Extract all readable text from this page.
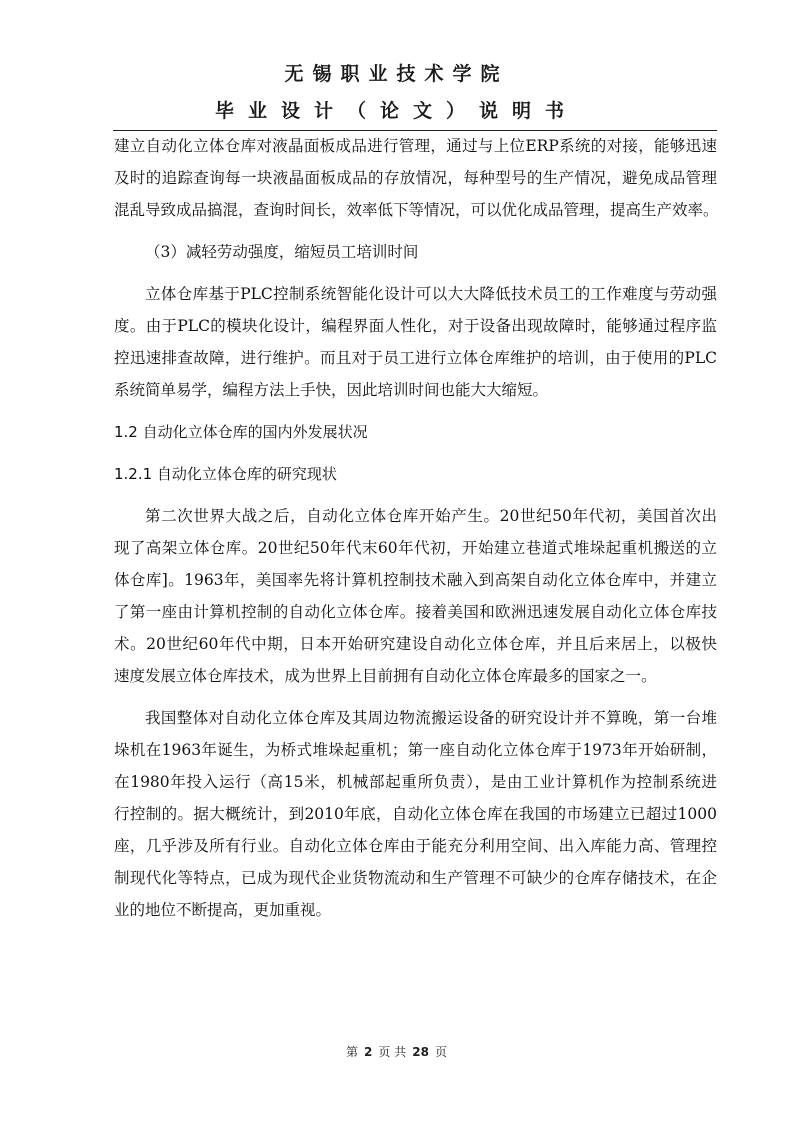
无锡职业技术学院
毕业设计（论文）说明书
建立自动化立体仓库对液晶面板成品进行管理，通过与上位ERP系统的对接，能够迅速
及时的追踪查询每一块液晶面板成品的存放情况，每种型号的生产情况，避免成品管理
混乱导致成品搞混，查询时间长，效率低下等情况，可以优化成品管理，提高生产效率。
（3）减轻劳动强度，缩短员工培训时间
立体仓库基于PLC控制系统智能化设计可以大大降低技术员工的工作难度与劳动强
度。由于PLC的模块化设计，编程界面人性化，对于设备出现故障时，能够通过程序监
控迅速排查故障，进行维护。而且对于员工进行立体仓库维护的培训，由于使用的PLC
系统简单易学，编程方法上手快，因此培训时间也能大大缩短。
1.2 自动化立体仓库的国内外发展状况
1.2.1 自动化立体仓库的研究现状
第二次世界大战之后，自动化立体仓库开始产生。20世纪50年代初，美国首次出
现了高架立体仓库。20世纪50年代末60年代初，开始建立巷道式堆垛起重机搬送的立
体仓库]。1963年，美国率先将计算机控制技术融入到高架自动化立体仓库中，并建立
了第一座由计算机控制的自动化立体仓库。接着美国和欧洲迅速发展自动化立体仓库技
术。20世纪60年代中期，日本开始研究建设自动化立体仓库，并且后来居上，以极快
速度发展立体仓库技术，成为世界上目前拥有自动化立体仓库最多的国家之一。
我国整体对自动化立体仓库及其周边物流搬运设备的研究设计并不算晚，第一台堆
垛机在1963年诞生，为桥式堆垛起重机；第一座自动化立体仓库于1973年开始研制，
在1980年投入运行（高15米，机械部起重所负责），是由工业计算机作为控制系统进
行控制的。据大概统计，到2010年底，自动化立体仓库在我国的市场建立已超过1000
座，几乎涉及所有行业。自动化立体仓库由于能充分利用空间、出入库能力高、管理控
制现代化等特点，已成为现代企业货物流动和生产管理不可缺少的仓库存储技术，在企
业的地位不断提高，更加重视。
第 2 页 共 28 页
